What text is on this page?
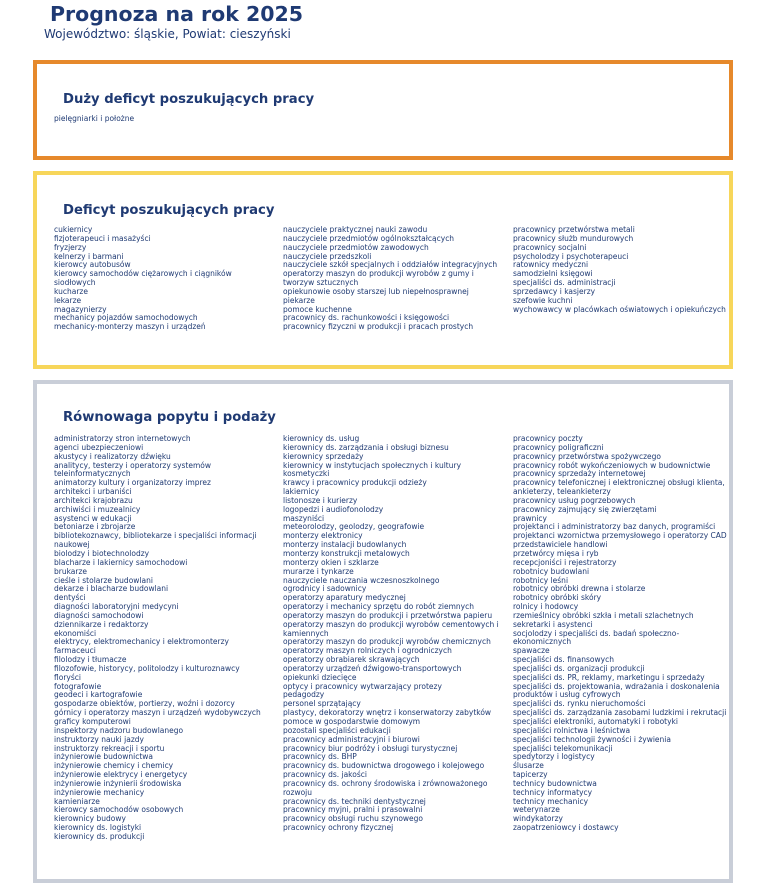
Prognoza na rok 2025
Województwo: śląskie, Powiat: cieszyński
Duży deficyt poszukujących pracy
pielęgniarki i położne
Deficyt poszukujących pracy
cukiernicy
fizjoterapeuci i masażyści
fryzjerzy
kelnerzy i barmani
kierowcy autobusów
kierowcy samochodów ciężarowych i ciągników siodłowych
kucharze
lekarze
magazynierzy
mechanicy pojazdów samochodowych
mechanicy-monterzy maszyn i urządzeń
nauczyciele praktycznej nauki zawodu
nauczyciele przedmiotów ogólnokształcących
nauczyciele przedmiotów zawodowych
nauczyciele przedszkoli
nauczyciele szkół specjalnych i oddziałów integracyjnych
operatorzy maszyn do produkcji wyrobów z gumy i tworzyw sztucznych
opiekunowie osoby starszej lub niepełnosprawnej
piekarze
pomoce kuchenne
pracownicy ds. rachunkowości i księgowości
pracownicy fizyczni w produkcji i pracach prostych
pracownicy przetwórstwa metali
pracownicy służb mundurowych
pracownicy socjalni
psycholodzy i psychoterapeuci
ratownicy medyczni
samodzielni księgowi
specjaliści ds. administracji
sprzedawcy i kasjerzy
szefowie kuchni
wychowawcy w placówkach oświatowych i opiekuńczych
Równowaga popytu i podaży
administratorzy stron internetowych
agenci ubezpieczeniowi
akustycy i realizatorzy dźwięku
analitycy, testerzy i operatorzy systemów teleinformatycznych
animatorzy kultury i organizatorzy imprez
architekci i urbaniści
architekci krajobrazu
archiwiści i muzealnicy
asystenci w edukacji
betoniarze i zbrojarze
bibliotekoznawcy, bibliotekarze i specjaliści informacji naukowej
biolodzy i biotechnolodzy
blacharze i lakiernicy samochodowi
brukarze
cieśle i stolarze budowlani
dekarze i blacharze budowlani
dentyści
diagności laboratoryjni medycyni
diagności samochodowi
dziennikarze i redaktorzy
ekonomiści
elektrycy, elektromechanicy i elektromonterzy
farmaceuci
filolodzy i tłumacze
filozofowie, historycy, politolodzy i kulturoznawcy
floryści
fotografowie
geodeci i kartografowie
gospodarze obiektów, portierzy, woźni i dozorcy
górnicy i operatorzy maszyn i urządzeń wydobywczych
graficy komputerowi
inspektorzy nadzoru budowlanego
instruktorzy nauki jazdy
instruktorzy rekreacji i sportu
inżynierowie budownictwa
inżynierowie chemicy i chemicy
inżynierowie elektrycy i energetycy
inżynierowie inżynierii środowiska
inżynierowie mechanicy
kamieniarze
kierowcy samochodów osobowych
kierownicy budowy
kierownicy ds. logistyki
kierownicy ds. produkcji
kierownicy ds. usług
kierownicy ds. zarządzania i obsługi biznesu
kierownicy sprzedaży
kierownicy w instytucjach społecznych i kultury
kosmetyczki
krawcy i pracownicy produkcji odzieży
lakiernicy
listonosze i kurierzy
logopedzi i audiofonolodzy
maszyniści
meteorolodzy, geolodzy, geografowie
monterzy elektronicy
monterzy instalacji budowlanych
monterzy konstrukcji metalowych
monterzy okien i szklarze
murarze i tynkarze
nauczyciele nauczania wczesnoszkolnego
ogrodnicy i sadownicy
operatorzy aparatury medycznej
operatorzy i mechanicy sprzętu do robót ziemnych
operatorzy maszyn do produkcji i przetwórstwa papieru
operatorzy maszyn do produkcji wyrobów cementowych i kamiennych
operatorzy maszyn do produkcji wyrobów chemicznych
operatorzy maszyn rolniczych i ogrodniczych
operatorzy obrabiarek skrawających
operatorzy urządzeń dźwigowo-transportowych
opiekunki dziecięce
optycy i pracownicy wytwarzający protezy
pedagodzy
personel sprzątający
plastycy, dekoratorzy wnętrz i konserwatorzy zabytków
pomoce w gospodarstwie domowym
pozostali specjaliści edukacji
pracownicy administracyjni i biurowi
pracownicy biur podróży i obsługi turystycznej
pracownicy ds. BHP
pracownicy ds. budownictwa drogowego i kolejowego
pracownicy ds. jakości
pracownicy ds. ochrony środowiska i zrównoważonego rozwoju
pracownicy ds. techniki dentystycznej
pracownicy myjni, pralni i prasowalni
pracownicy obsługi ruchu szynowego
pracownicy ochrony fizycznej
pracownicy poczty
pracownicy poligraficzni
pracownicy przetwórstwa spożywczego
pracownicy robót wykończeniowych w budownictwie
pracownicy sprzedaży internetowej
pracownicy telefonicznej i elektronicznej obsługi klienta, ankieterzy, teleankieterzy
pracownicy usług pogrzebowych
pracownicy zajmujący się zwierzętami
prawnicy
projektanci i administratorzy baz danych, programiści
projektanci wzornictwa przemysłowego i operatorzy CAD
przedstawiciele handlowi
przetwórcy mięsa i ryb
recepcjoniści i rejestratorzy
robotnicy budowlani
robotnicy leśni
robotnicy obróbki drewna i stolarze
robotnicy obróbki skóry
rolnicy i hodowcy
rzemieślnicy obróbki szkła i metali szlachetnych
sekretarki i asystenci
socjolodzy i specjaliści ds. badań społeczno-ekonomicznych
spawacze
specjaliści ds. finansowych
specjaliści ds. organizacji produkcji
specjaliści ds. PR, reklamy, marketingu i sprzedaży
specjaliści ds. projektowania, wdrażania i doskonalenia produktów i usług cyfrowych
specjaliści ds. rynku nieruchomości
specjaliści ds. zarządzania zasobami ludzkimi i rekrutacji
specjaliści elektroniki, automatyki i robotyki
specjaliści rolnictwa i leśnictwa
specjaliści technologii żywności i żywienia
specjaliści telekomunikacji
spedytorzy i logistycy
ślusarze
tapicerzy
technicy budownictwa
technicy informatycy
technicy mechanicy
weterynarze
windykatorzy
zaopatrzeniowcy i dostawcy
